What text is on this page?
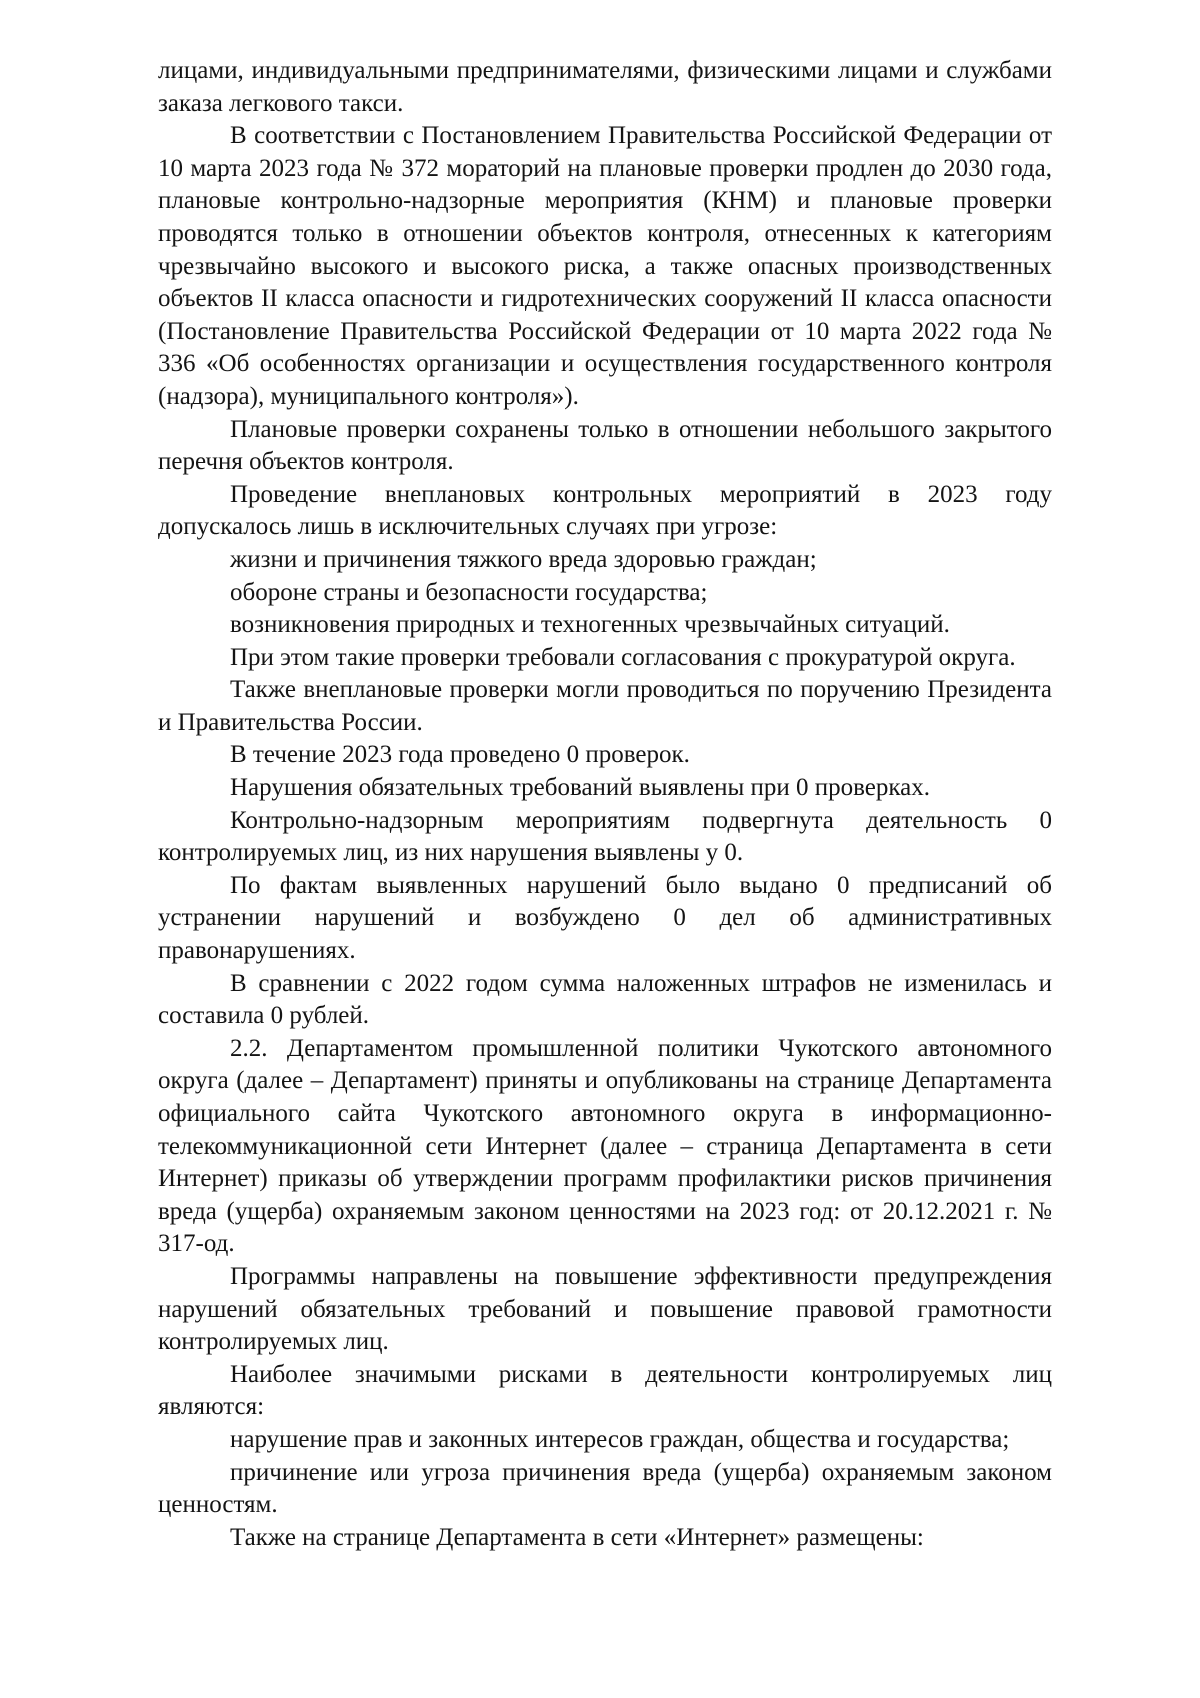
лицами, индивидуальными предпринимателями, физическими лицами и службами заказа легкового такси.

В соответствии с Постановлением Правительства Российской Федерации от 10 марта 2023 года № 372 мораторий на плановые проверки продлен до 2030 года, плановые контрольно-надзорные мероприятия (КНМ) и плановые проверки проводятся только в отношении объектов контроля, отнесенных к категориям чрезвычайно высокого и высокого риска, а также опасных производственных объектов II класса опасности и гидротехнических сооружений II класса опасности (Постановление Правительства Российской Федерации от 10 марта 2022 года № 336 «Об особенностях организации и осуществления государственного контроля (надзора), муниципального контроля»).

Плановые проверки сохранены только в отношении небольшого закрытого перечня объектов контроля.

Проведение внеплановых контрольных мероприятий в 2023 году допускалось лишь в исключительных случаях при угрозе:

жизни и причинения тяжкого вреда здоровью граждан;

обороне страны и безопасности государства;

возникновения природных и техногенных чрезвычайных ситуаций.

При этом такие проверки требовали согласования с прокуратурой округа.

Также внеплановые проверки могли проводиться по поручению Президента и Правительства России.

В течение 2023 года проведено 0 проверок.

Нарушения обязательных требований выявлены при 0 проверках.

Контрольно-надзорным мероприятиям подвергнута деятельность 0 контролируемых лиц, из них нарушения выявлены у 0.

По фактам выявленных нарушений было выдано 0 предписаний об устранении нарушений и возбуждено 0 дел об административных правонарушениях.

В сравнении с 2022 годом сумма наложенных штрафов не изменилась и составила 0 рублей.

2.2. Департаментом промышленной политики Чукотского автономного округа (далее – Департамент) приняты и опубликованы на странице Департамента официального сайта Чукотского автономного округа в информационно-телекоммуникационной сети Интернет (далее – страница Департамента в сети Интернет) приказы об утверждении программ профилактики рисков причинения вреда (ущерба) охраняемым законом ценностями на 2023 год: от 20.12.2021 г. № 317-од.

Программы направлены на повышение эффективности предупреждения нарушений обязательных требований и повышение правовой грамотности контролируемых лиц.

Наиболее значимыми рисками в деятельности контролируемых лиц являются:

нарушение прав и законных интересов граждан, общества и государства;

причинение или угроза причинения вреда (ущерба) охраняемым законом ценностям.

Также на странице Департамента в сети «Интернет» размещены:
